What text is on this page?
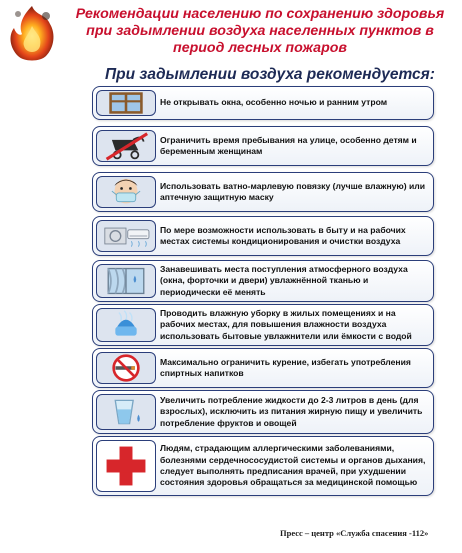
Рекомендации населению по сохранению здоровья при задымлении воздуха населенных пунктов в период лесных пожаров
При задымлении воздуха рекомендуется:
Не открывать окна, особенно ночью и ранним утром
Ограничить время пребывания на улице, особенно детям и беременным женщинам
Использовать ватно-марлевую повязку (лучше влажную) или аптечную защитную маску
По мере возможности использовать в быту и на рабочих местах системы кондиционирования и очистки воздуха
Занавешивать места поступления атмосферного воздуха (окна, форточки и двери) увлажнённой тканью и периодически её менять
Проводить влажную уборку в жилых помещениях и на рабочих местах, для повышения влажности воздуха использовать бытовые увлажнители или ёмкости с водой
Максимально ограничить курение, избегать употребления спиртных напитков
Увеличить потребление жидкости до 2-3 литров в день (для взрослых), исключить из питания жирную пищу и увеличить потребление фруктов и овощей
Людям, страдающим аллергическими заболеваниями, болезнями сердечнососудистой системы и органов дыхания, следует выполнять предписания врачей, при ухудшении состояния здоровья обращаться за медицинской помощью
Пресс – центр «Служба спасения -112»
